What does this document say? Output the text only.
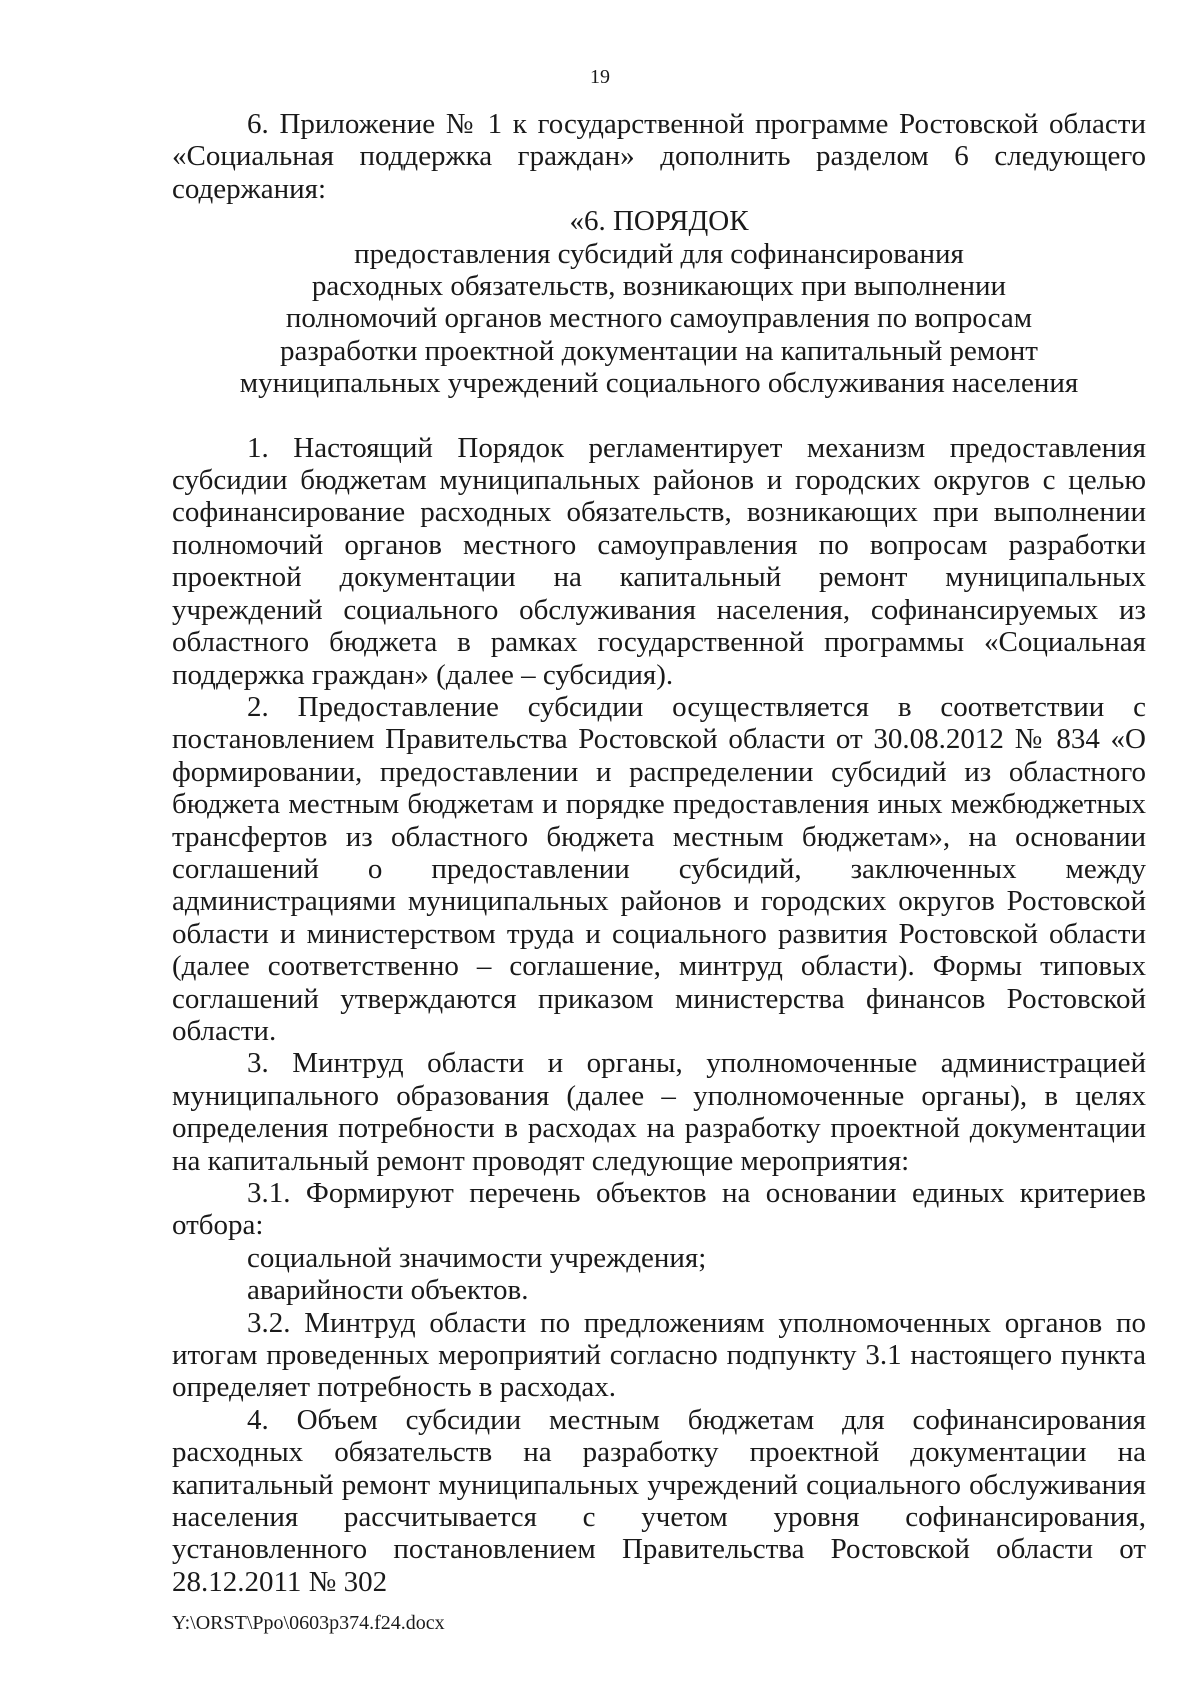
19

6. Приложение № 1 к государственной программе Ростовской области «Социальная поддержка граждан» дополнить разделом 6 следующего содержания:

«6. ПОРЯДОК
предоставления субсидий для софинансирования
расходных обязательств, возникающих при выполнении
полномочий органов местного самоуправления по вопросам
разработки проектной документации на капитальный ремонт
муниципальных учреждений социального обслуживания населения

1. Настоящий Порядок регламентирует механизм предоставления субсидии бюджетам муниципальных районов и городских округов с целью софинансирование расходных обязательств, возникающих при выполнении полномочий органов местного самоуправления по вопросам разработки проектной документации на капитальный ремонт муниципальных учреждений социального обслуживания населения, софинансируемых из областного бюджета в рамках государственной программы «Социальная поддержка граждан» (далее – субсидия).

2. Предоставление субсидии осуществляется в соответствии с постановлением Правительства Ростовской области от 30.08.2012 № 834 «О формировании, предоставлении и распределении субсидий из областного бюджета местным бюджетам и порядке предоставления иных межбюджетных трансфертов из областного бюджета местным бюджетам», на основании соглашений о предоставлении субсидий, заключенных между администрациями муниципальных районов и городских округов Ростовской области и министерством труда и социального развития Ростовской области (далее соответственно – соглашение, минтруд области). Формы типовых соглашений утверждаются приказом министерства финансов Ростовской области.

3. Минтруд области и органы, уполномоченные администрацией муниципального образования (далее – уполномоченные органы), в целях определения потребности в расходах на разработку проектной документации на капитальный ремонт проводят следующие мероприятия:

3.1. Формируют перечень объектов на основании единых критериев отбора:

социальной значимости учреждения;

аварийности объектов.

3.2. Минтруд области по предложениям уполномоченных органов по итогам проведенных мероприятий согласно подпункту 3.1 настоящего пункта определяет потребность в расходах.

4. Объем субсидии местным бюджетам для софинансирования расходных обязательств на разработку проектной документации на капитальный ремонт муниципальных учреждений социального обслуживания населения рассчитывается с учетом уровня софинансирования, установленного постановлением Правительства Ростовской области от 28.12.2011 № 302

Y:\ORST\Ppo\0603p374.f24.docx
